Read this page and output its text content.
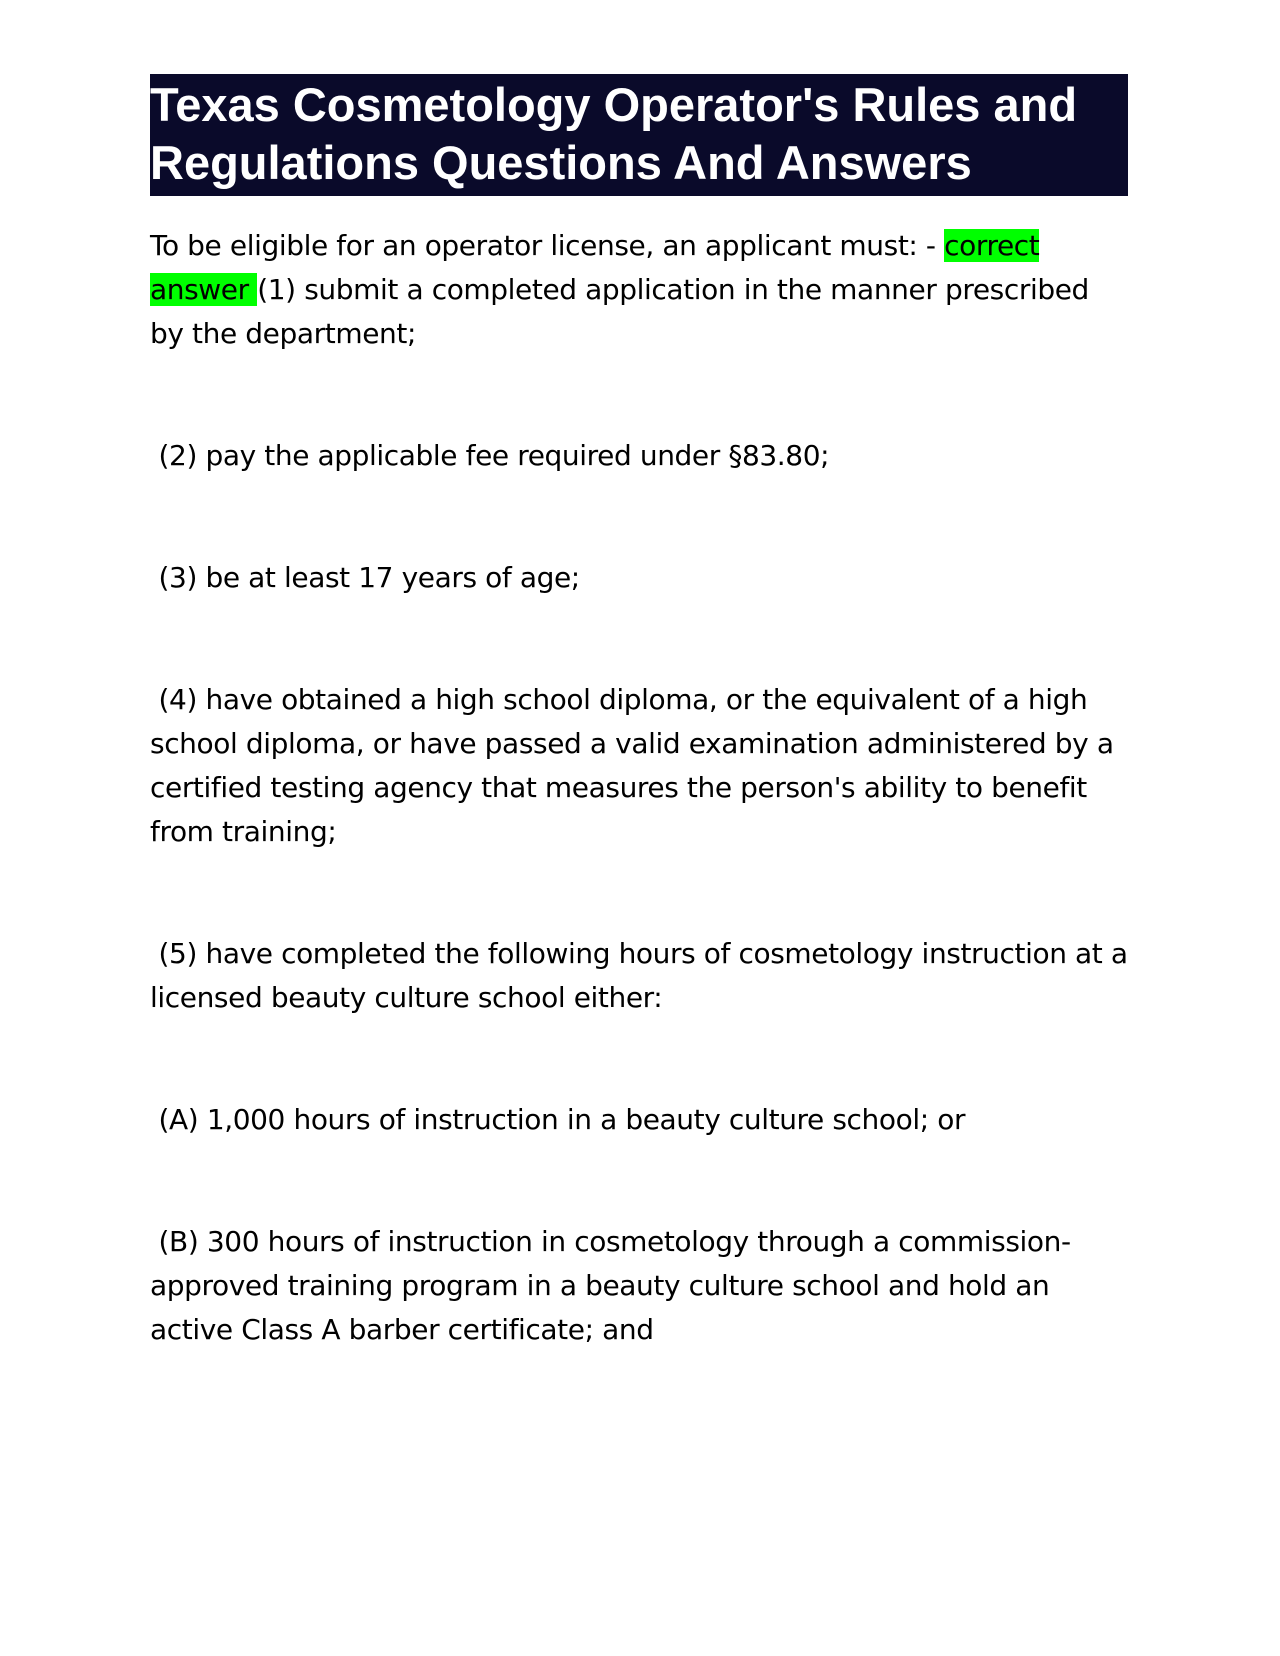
Texas Cosmetology Operator's Rules and Regulations Questions And Answers

To be eligible for an operator license, an applicant must: - correct answer (1) submit a completed application in the manner prescribed by the department;

(2) pay the applicable fee required under §83.80;

(3) be at least 17 years of age;

(4) have obtained a high school diploma, or the equivalent of a high school diploma, or have passed a valid examination administered by a certified testing agency that measures the person's ability to benefit from training;

(5) have completed the following hours of cosmetology instruction at a licensed beauty culture school either:

(A) 1,000 hours of instruction in a beauty culture school; or

(B) 300 hours of instruction in cosmetology through a commission-approved training program in a beauty culture school and hold an active Class A barber certificate; and
